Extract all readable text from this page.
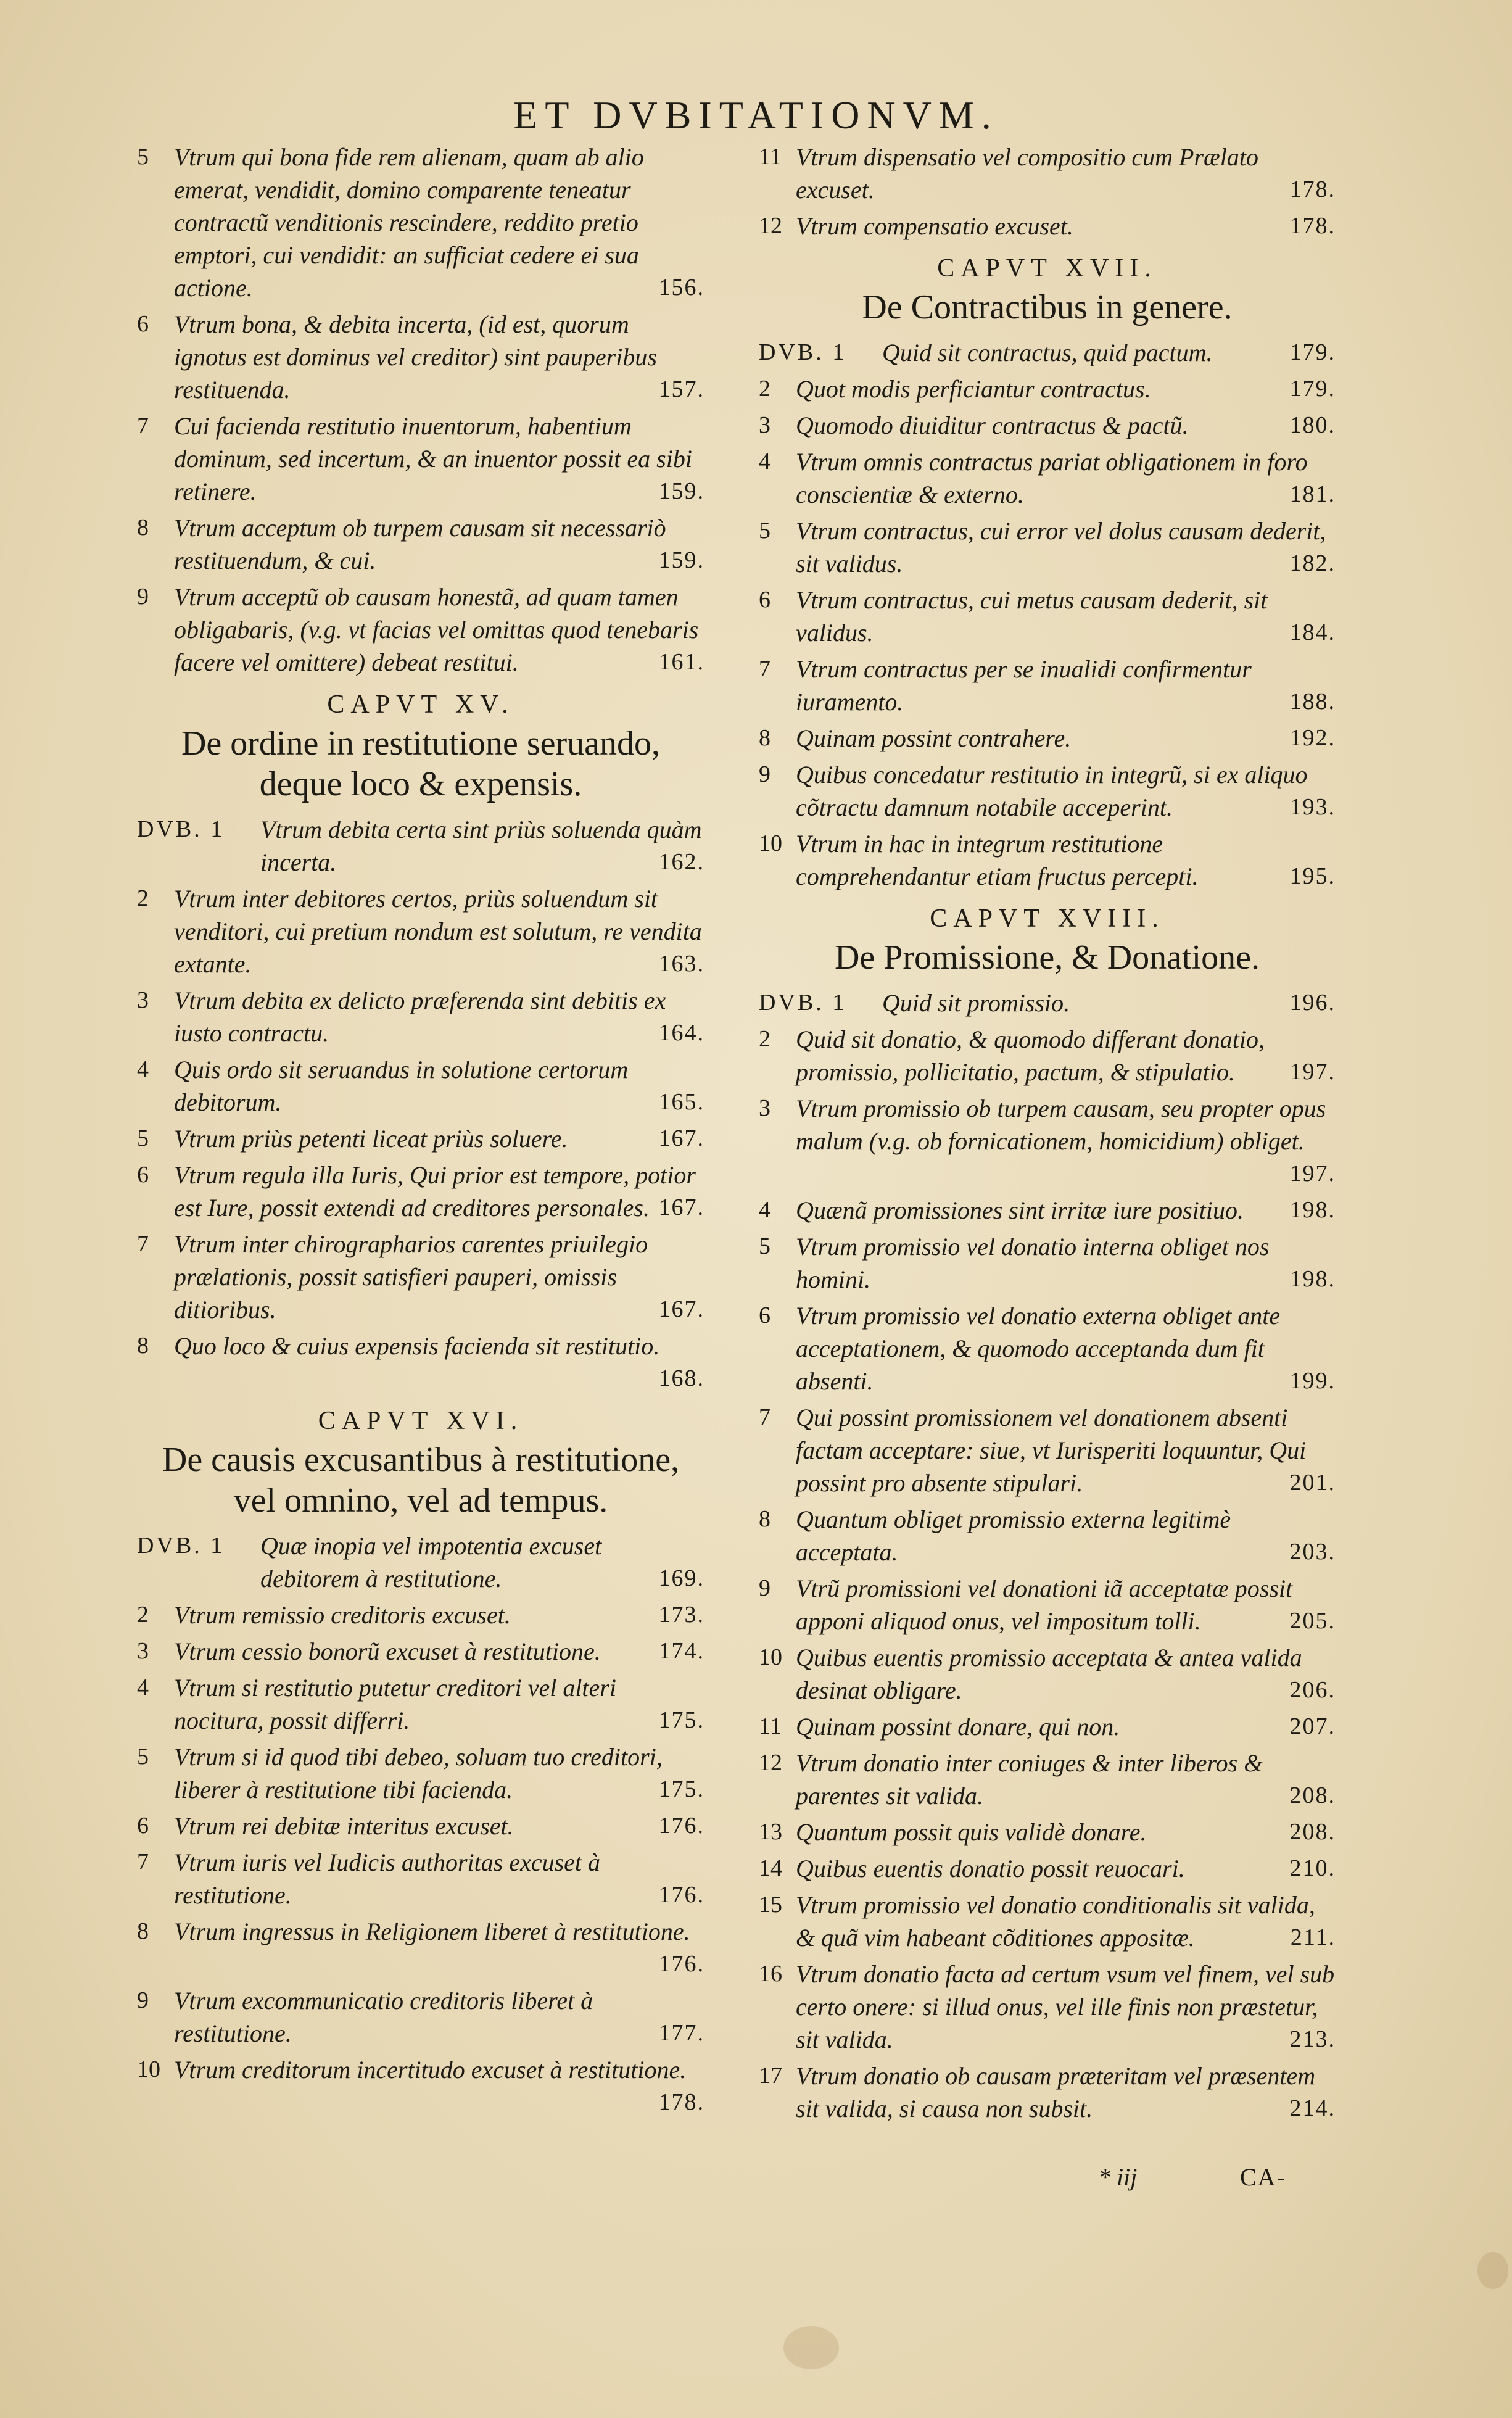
ET DVBITATIONVM.
5 Vtrum qui bona fide rem alienam, quam ab alio emerat, vendidit, domino comparente teneatur contractũ venditionis rescindere, reddito pretio emptori, cui vendidit: an sufficiat cedere ei sua actione.	156.
6 Vtrum bona, & debita incerta, (id est, quorum ignotus est dominus vel creditor) sint pauperibus restituenda.	157.
7 Cui facienda restitutio inuentorum, habentium dominum, sed incertum, & an inuentor possit ea sibi retinere.	159.
8 Vtrum acceptum ob turpem causam sit necessariò restituendum, & cui.	159.
9 Vtrum acceptũ ob causam honestã, ad quam tamen obligabaris, (v.g. vt facias vel omittas quod tenebaris facere vel omittere) debeat restitui.	161.
CAPVT XV.
De ordine in restitutione seruando, deque loco & expensis.
DVB. 1 Vtrum debita certa sint priùs soluenda quàm incerta.	162.
2 Vtrum inter debitores certos, priùs soluendum sit venditori, cui pretium nondum est solutum, re vendita extante.	163.
3 Vtrum debita ex delicto præferenda sint debitis ex iusto contractu.	164.
4 Quis ordo sit seruandus in solutione certorum debitorum.	165.
5 Vtrum priùs petenti liceat priùs soluere.	167.
6 Vtrum regula illa Iuris, Qui prior est tempore, potior est Iure, possit extendi ad creditores personales. 167.
7 Vtrum inter chirographarios carentes priuilegio prælationis, possit satisfieri pauperi, omissis ditioribus.	167.
8 Quo loco & cuius expensis facienda sit restitutio.
168.
CAPVT XVI.
De causis excusantibus à restitutione, vel omnino, vel ad tempus.
DVB. 1 Quæ inopia vel impotentia excuset debitorem à restitutione.	169.
2 Vtrum remissio creditoris excuset.	173.
3 Vtrum cessio bonorũ excuset à restitutione. 174.
4 Vtrum si restitutio putetur creditori vel alteri nocitura, possit differri.	175.
5 Vtrum si id quod tibi debeo, soluam tuo creditori, liberer à restitutione tibi facienda.	175.
6 Vtrum rei debitæ interitus excuset.	176.
7 Vtrum iuris vel Iudicis authoritas excuset à restitutione.	176.
8 Vtrum ingressus in Religionem liberet à restitutione.
176.
9 Vtrum excommunicatio creditoris liberet à restitutione.	177.
10 Vtrum creditorum incertitudo excuset à restitutione.
178.
11 Vtrum dispensatio vel compositio cum Prælato excuset.	178.
12 Vtrum compensatio excuset.	178.
CAPVT XVII.
De Contractibus in genere.
DVB. 1 Quid sit contractus, quid pactum.	179.
2 Quot modis perficiantur contractus.	179.
3 Quomodo diuiditur contractus & pactũ.	180.
4 Vtrum omnis contractus pariat obligationem in foro conscientiæ & externo.	181.
5 Vtrum contractus, cui error vel dolus causam dederit, sit validus.	182.
6 Vtrum contractus, cui metus causam dederit, sit validus.	184.
7 Vtrum contractus per se inualidi confirmentur iuramento.	188.
8 Quinam possint contrahere.	192.
9 Quibus concedatur restitutio in integrũ, si ex aliquo cõtractu damnum notabile acceperint.	193.
10 Vtrum in hac in integrum restitutione comprehendantur etiam fructus percepti.	195.
CAPVT XVIII.
De Promissione, & Donatione.
DVB. 1 Quid sit promissio.	196.
2 Quid sit donatio, & quomodo differant donatio, promissio, pollicitatio, pactum, & stipulatio. 197.
3 Vtrum promissio ob turpem causam, seu propter opus malum (v.g. ob fornicationem, homicidium) obliget.
197.
4 Quænã promissiones sint irritæ iure positiuo. 198.
5 Vtrum promissio vel donatio interna obliget nos homini.	198.
6 Vtrum promissio vel donatio externa obliget ante acceptationem, & quomodo acceptanda dum fit absenti.	199.
7 Qui possint promissionem vel donationem absenti factam acceptare: siue, vt Iurisperiti loquuntur, Qui possint pro absente stipulari.	201.
8 Quantum obliget promissio externa legitimè acceptata.	203.
9 Vtrũ promissioni vel donationi iã acceptatæ possit apponi aliquod onus, vel impositum tolli.	205.
10 Quibus euentis promissio acceptata & antea valida desinat obligare.	206.
11 Quinam possint donare, qui non.	207.
12 Vtrum donatio inter coniuges & inter liberos & parentes sit valida.	208.
13 Quantum possit quis validè donare.	208.
14 Quibus euentis donatio possit reuocari.	210.
15 Vtrum promissio vel donatio conditionalis sit valida, & quã vim habeant cõditiones appositæ.	211.
16 Vtrum donatio facta ad certum vsum vel finem, vel sub certo onere: si illud onus, vel ille finis non præstetur, sit valida.	213.
17 Vtrum donatio ob causam præteritam vel præsentem sit valida, si causa non subsit.	214.
* iij	CA-
